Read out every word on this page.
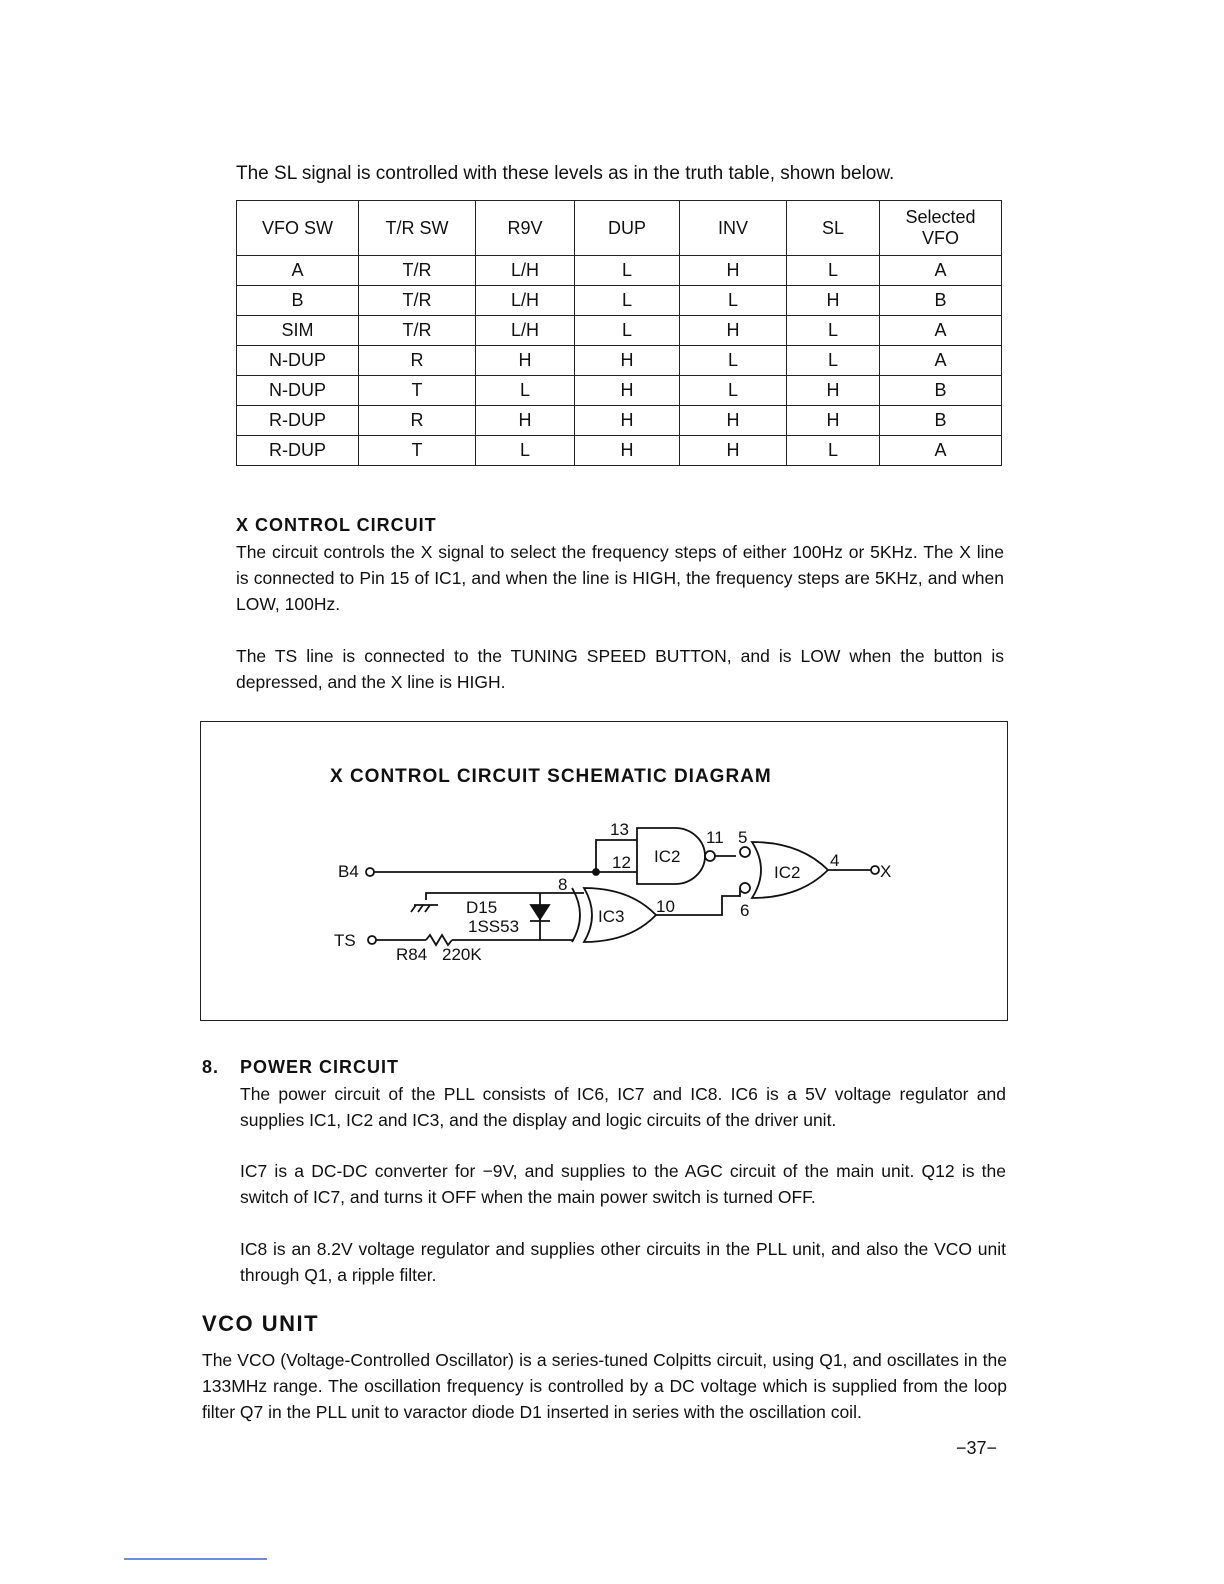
The SL signal is controlled with these levels as in the truth table, shown below.
VFO SW	T/R SW	R9V	DUP	INV	SL	Selected VFO
A	T/R	L/H	L	H	L	A
B	T/R	L/H	L	L	H	B
SIM	T/R	L/H	L	H	L	A
N-DUP	R	H	H	L	L	A
N-DUP	T	L	H	L	H	B
R-DUP	R	H	H	H	H	B
R-DUP	T	L	H	H	L	A
X CONTROL CIRCUIT
The circuit controls the X signal to select the frequency steps of either 100Hz or 5KHz. The X line is connected to Pin 15 of IC1, and when the line is HIGH, the frequency steps are 5KHz, and when LOW, 100Hz.
The TS line is connected to the TUNING SPEED BUTTON, and is LOW when the button is depressed, and the X line is HIGH.
X CONTROL CIRCUIT SCHEMATIC DIAGRAM
13
12 IC2
11 5
IC2
4
X
B4
8
IC3
10	6
D15
1SS53
TS
R84 220K
8. POWER CIRCUIT
The power circuit of the PLL consists of IC6, IC7 and IC8. IC6 is a 5V voltage regulator and supplies IC1, IC2 and IC3, and the display and logic circuits of the driver unit.
IC7 is a DC-DC converter for −9V, and supplies to the AGC circuit of the main unit. Q12 is the switch of IC7, and turns it OFF when the main power switch is turned OFF.
IC8 is an 8.2V voltage regulator and supplies other circuits in the PLL unit, and also the VCO unit through Q1, a ripple filter.
VCO UNIT
The VCO (Voltage-Controlled Oscillator) is a series-tuned Colpitts circuit, using Q1, and oscillates in the 133MHz range. The oscillation frequency is controlled by a DC voltage which is supplied from the loop filter Q7 in the PLL unit to varactor diode D1 inserted in series with the oscillation coil.
−37−
